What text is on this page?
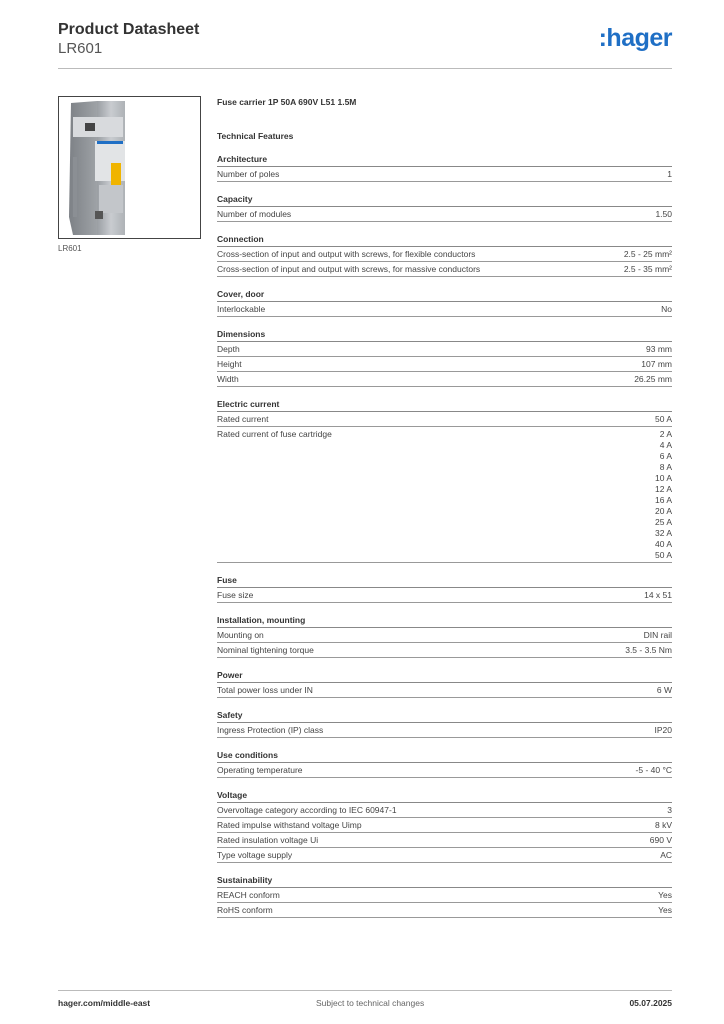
Product Datasheet
LR601	:hager
LR601
Fuse carrier 1P 50A 690V L51 1.5M
Technical Features
Architecture
Number of poles	1
Capacity
Number of modules	1.50
Connection
Cross-section of input and output with screws, for flexible conductors	2.5 - 25 mm²
Cross-section of input and output with screws, for massive conductors	2.5 - 35 mm²
Cover, door
Interlockable	No
Dimensions
Depth	93 mm
Height	107 mm
Width	26.25 mm
Electric current
Rated current	50 A
Rated current of fuse cartridge	2 A
4 A
6 A
8 A
10 A
12 A
16 A
20 A
25 A
32 A
40 A
50 A
Fuse
Fuse size	14 x 51
Installation, mounting
Mounting on	DIN rail
Nominal tightening torque	3.5 - 3.5 Nm
Power
Total power loss under IN	6 W
Safety
Ingress Protection (IP) class	IP20
Use conditions
Operating temperature	-5 - 40 °C
Voltage
Overvoltage category according to IEC 60947-1	3
Rated impulse withstand voltage Uimp	8 kV
Rated insulation voltage Ui	690 V
Type voltage supply	AC
Sustainability
REACH conform	Yes
RoHS conform	Yes
hager.com/middle-east	Subject to technical changes	05.07.2025
